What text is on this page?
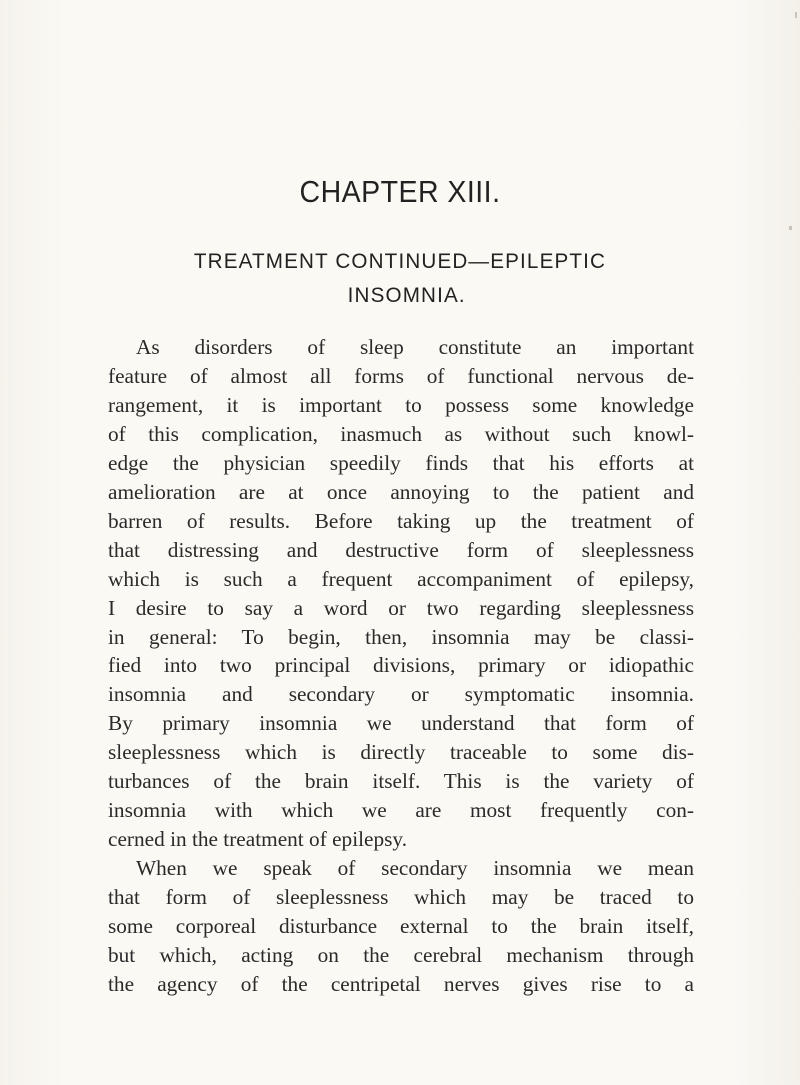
CHAPTER XIII.
TREATMENT CONTINUED—EPILEPTIC
INSOMNIA.
As disorders of sleep constitute an important
feature of almost all forms of functional nervous de-
rangement, it is important to possess some knowledge
of this complication, inasmuch as without such knowl-
edge the physician speedily finds that his efforts at
amelioration are at once annoying to the patient and
barren of results. Before taking up the treatment of
that distressing and destructive form of sleeplessness
which is such a frequent accompaniment of epilepsy,
I desire to say a word or two regarding sleeplessness
in general: To begin, then, insomnia may be classi-
fied into two principal divisions, primary or idiopathic
insomnia and secondary or symptomatic insomnia.
By primary insomnia we understand that form of
sleeplessness which is directly traceable to some dis-
turbances of the brain itself. This is the variety of
insomnia with which we are most frequently con-
cerned in the treatment of epilepsy.
When we speak of secondary insomnia we mean
that form of sleeplessness which may be traced to
some corporeal disturbance external to the brain itself,
but which, acting on the cerebral mechanism through
the agency of the centripetal nerves gives rise to a
